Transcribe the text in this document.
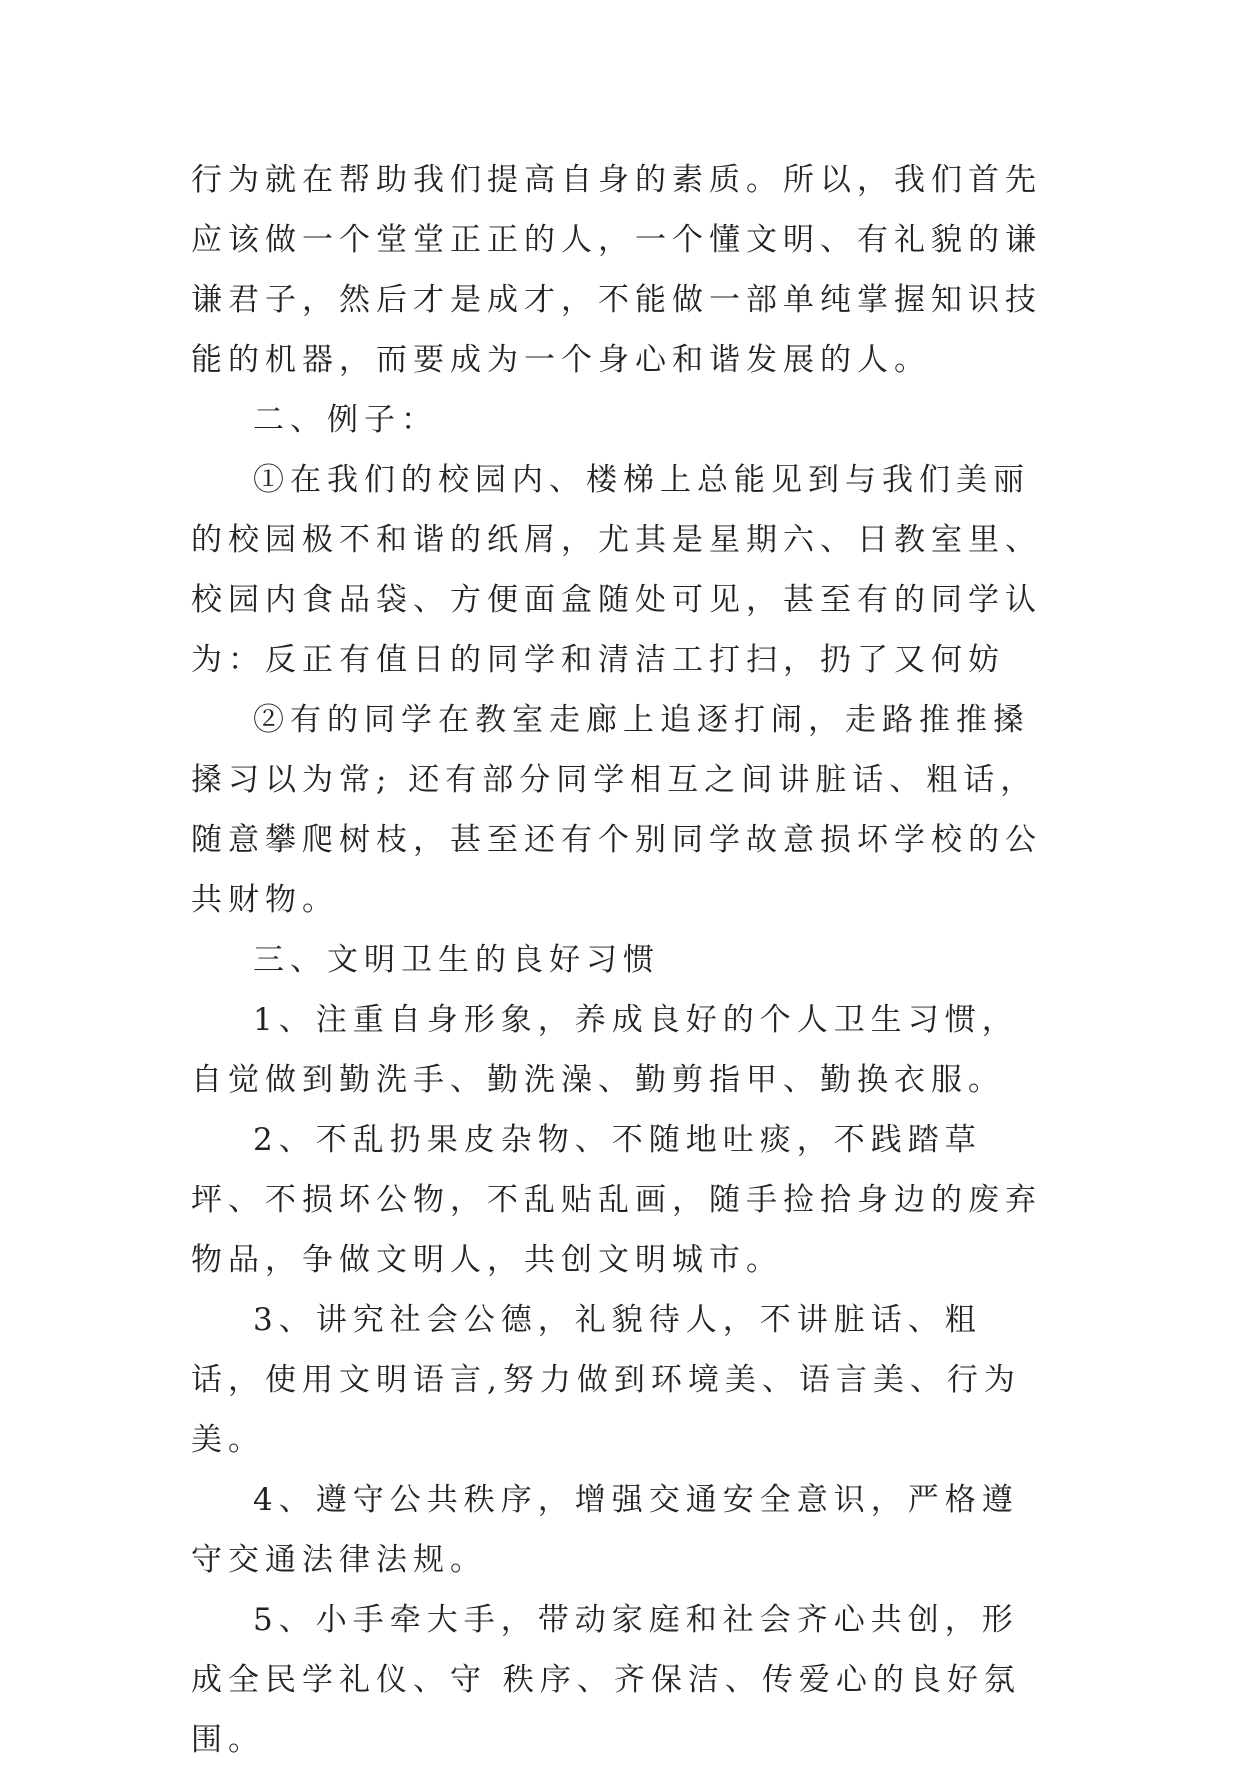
行为就在帮助我们提高自身的素质。所以，我们首先应该做一个堂堂正正的人，一个懂文明、有礼貌的谦谦君子，然后才是成才，不能做一部单纯掌握知识技能的机器，而要成为一个身心和谐发展的人。

二、例子：

①在我们的校园内、楼梯上总能见到与我们美丽的校园极不和谐的纸屑，尤其是星期六、日教室里、校园内食品袋、方便面盒随处可见，甚至有的同学认为：反正有值日的同学和清洁工打扫，扔了又何妨

②有的同学在教室走廊上追逐打闹，走路推推搡搡习以为常; 还有部分同学相互之间讲脏话、粗话，随意攀爬树枝，甚至还有个别同学故意损坏学校的公共财物。

三、文明卫生的良好习惯

1、注重自身形象，养成良好的个人卫生习惯，自觉做到勤洗手、勤洗澡、勤剪指甲、勤换衣服。

2、不乱扔果皮杂物、不随地吐痰，不践踏草坪、不损坏公物，不乱贴乱画，随手捡拾身边的废弃物品，争做文明人，共创文明城市。

3、讲究社会公德，礼貌待人，不讲脏话、粗话，使用文明语言,努力做到环境美、语言美、行为美。

4、遵守公共秩序，增强交通安全意识，严格遵守交通法律法规。

5、小手牵大手，带动家庭和社会齐心共创，形成全民学礼仪、守 秩序、齐保洁、传爱心的良好氛围。
